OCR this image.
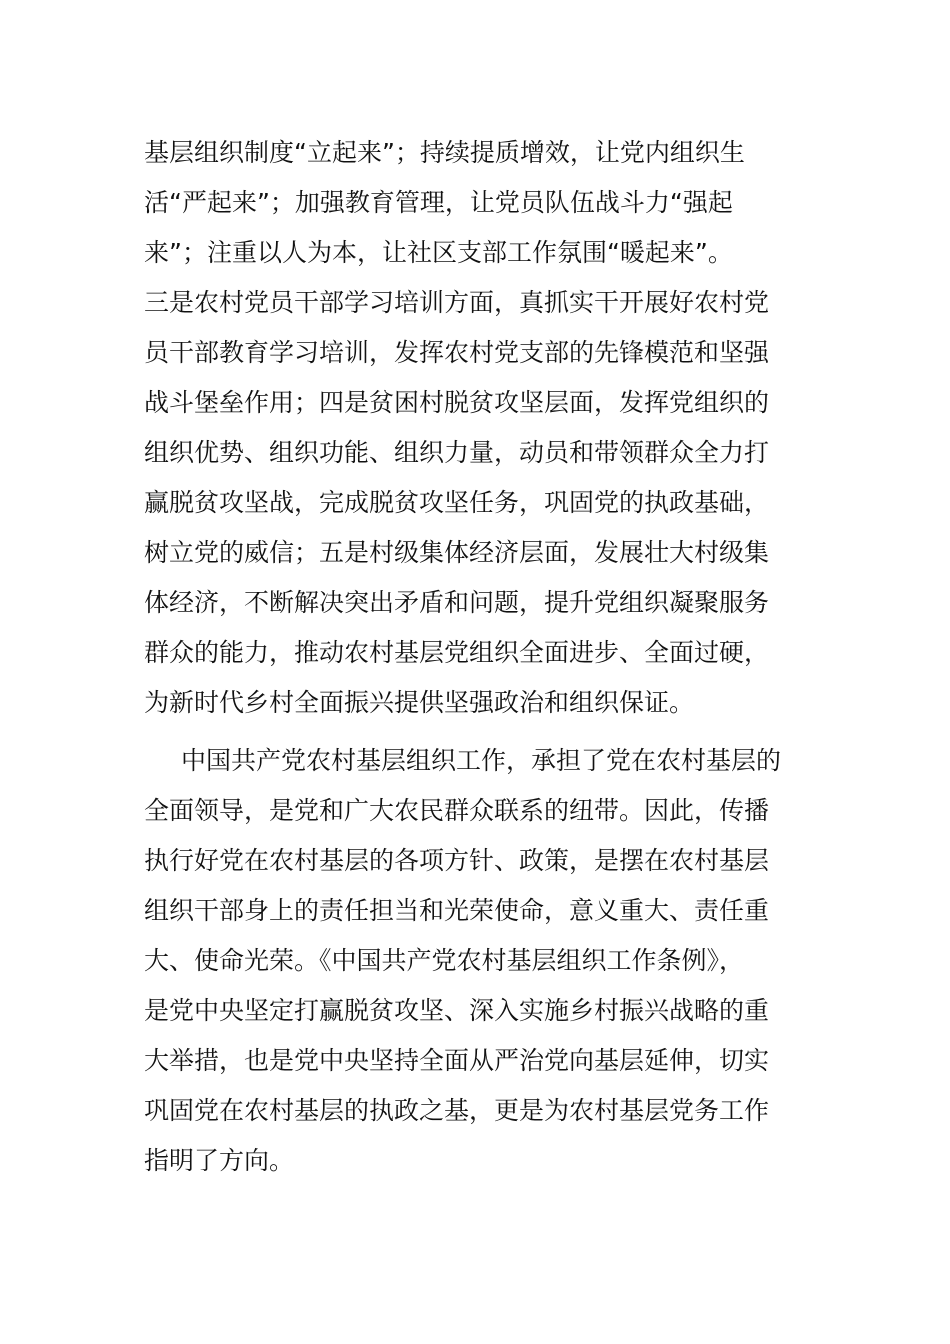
基层组织制度“立起来”；持续提质增效，让党内组织生
活“严起来”；加强教育管理，让党员队伍战斗力“强起
来”；注重以人为本，让社区支部工作氛围“暖起来”。
三是农村党员干部学习培训方面，真抓实干开展好农村党
员干部教育学习培训，发挥农村党支部的先锋模范和坚强
战斗堡垒作用；四是贫困村脱贫攻坚层面，发挥党组织的
组织优势、组织功能、组织力量，动员和带领群众全力打
赢脱贫攻坚战，完成脱贫攻坚任务，巩固党的执政基础，
树立党的威信；五是村级集体经济层面，发展壮大村级集
体经济，不断解决突出矛盾和问题，提升党组织凝聚服务
群众的能力，推动农村基层党组织全面进步、全面过硬，
为新时代乡村全面振兴提供坚强政治和组织保证。
中国共产党农村基层组织工作，承担了党在农村基层的
全面领导，是党和广大农民群众联系的纽带。因此，传播
执行好党在农村基层的各项方针、政策，是摆在农村基层
组织干部身上的责任担当和光荣使命，意义重大、责任重
大、使命光荣。《中国共产党农村基层组织工作条例》，
是党中央坚定打赢脱贫攻坚、深入实施乡村振兴战略的重
大举措，也是党中央坚持全面从严治党向基层延伸，切实
巩固党在农村基层的执政之基，更是为农村基层党务工作
指明了方向。
